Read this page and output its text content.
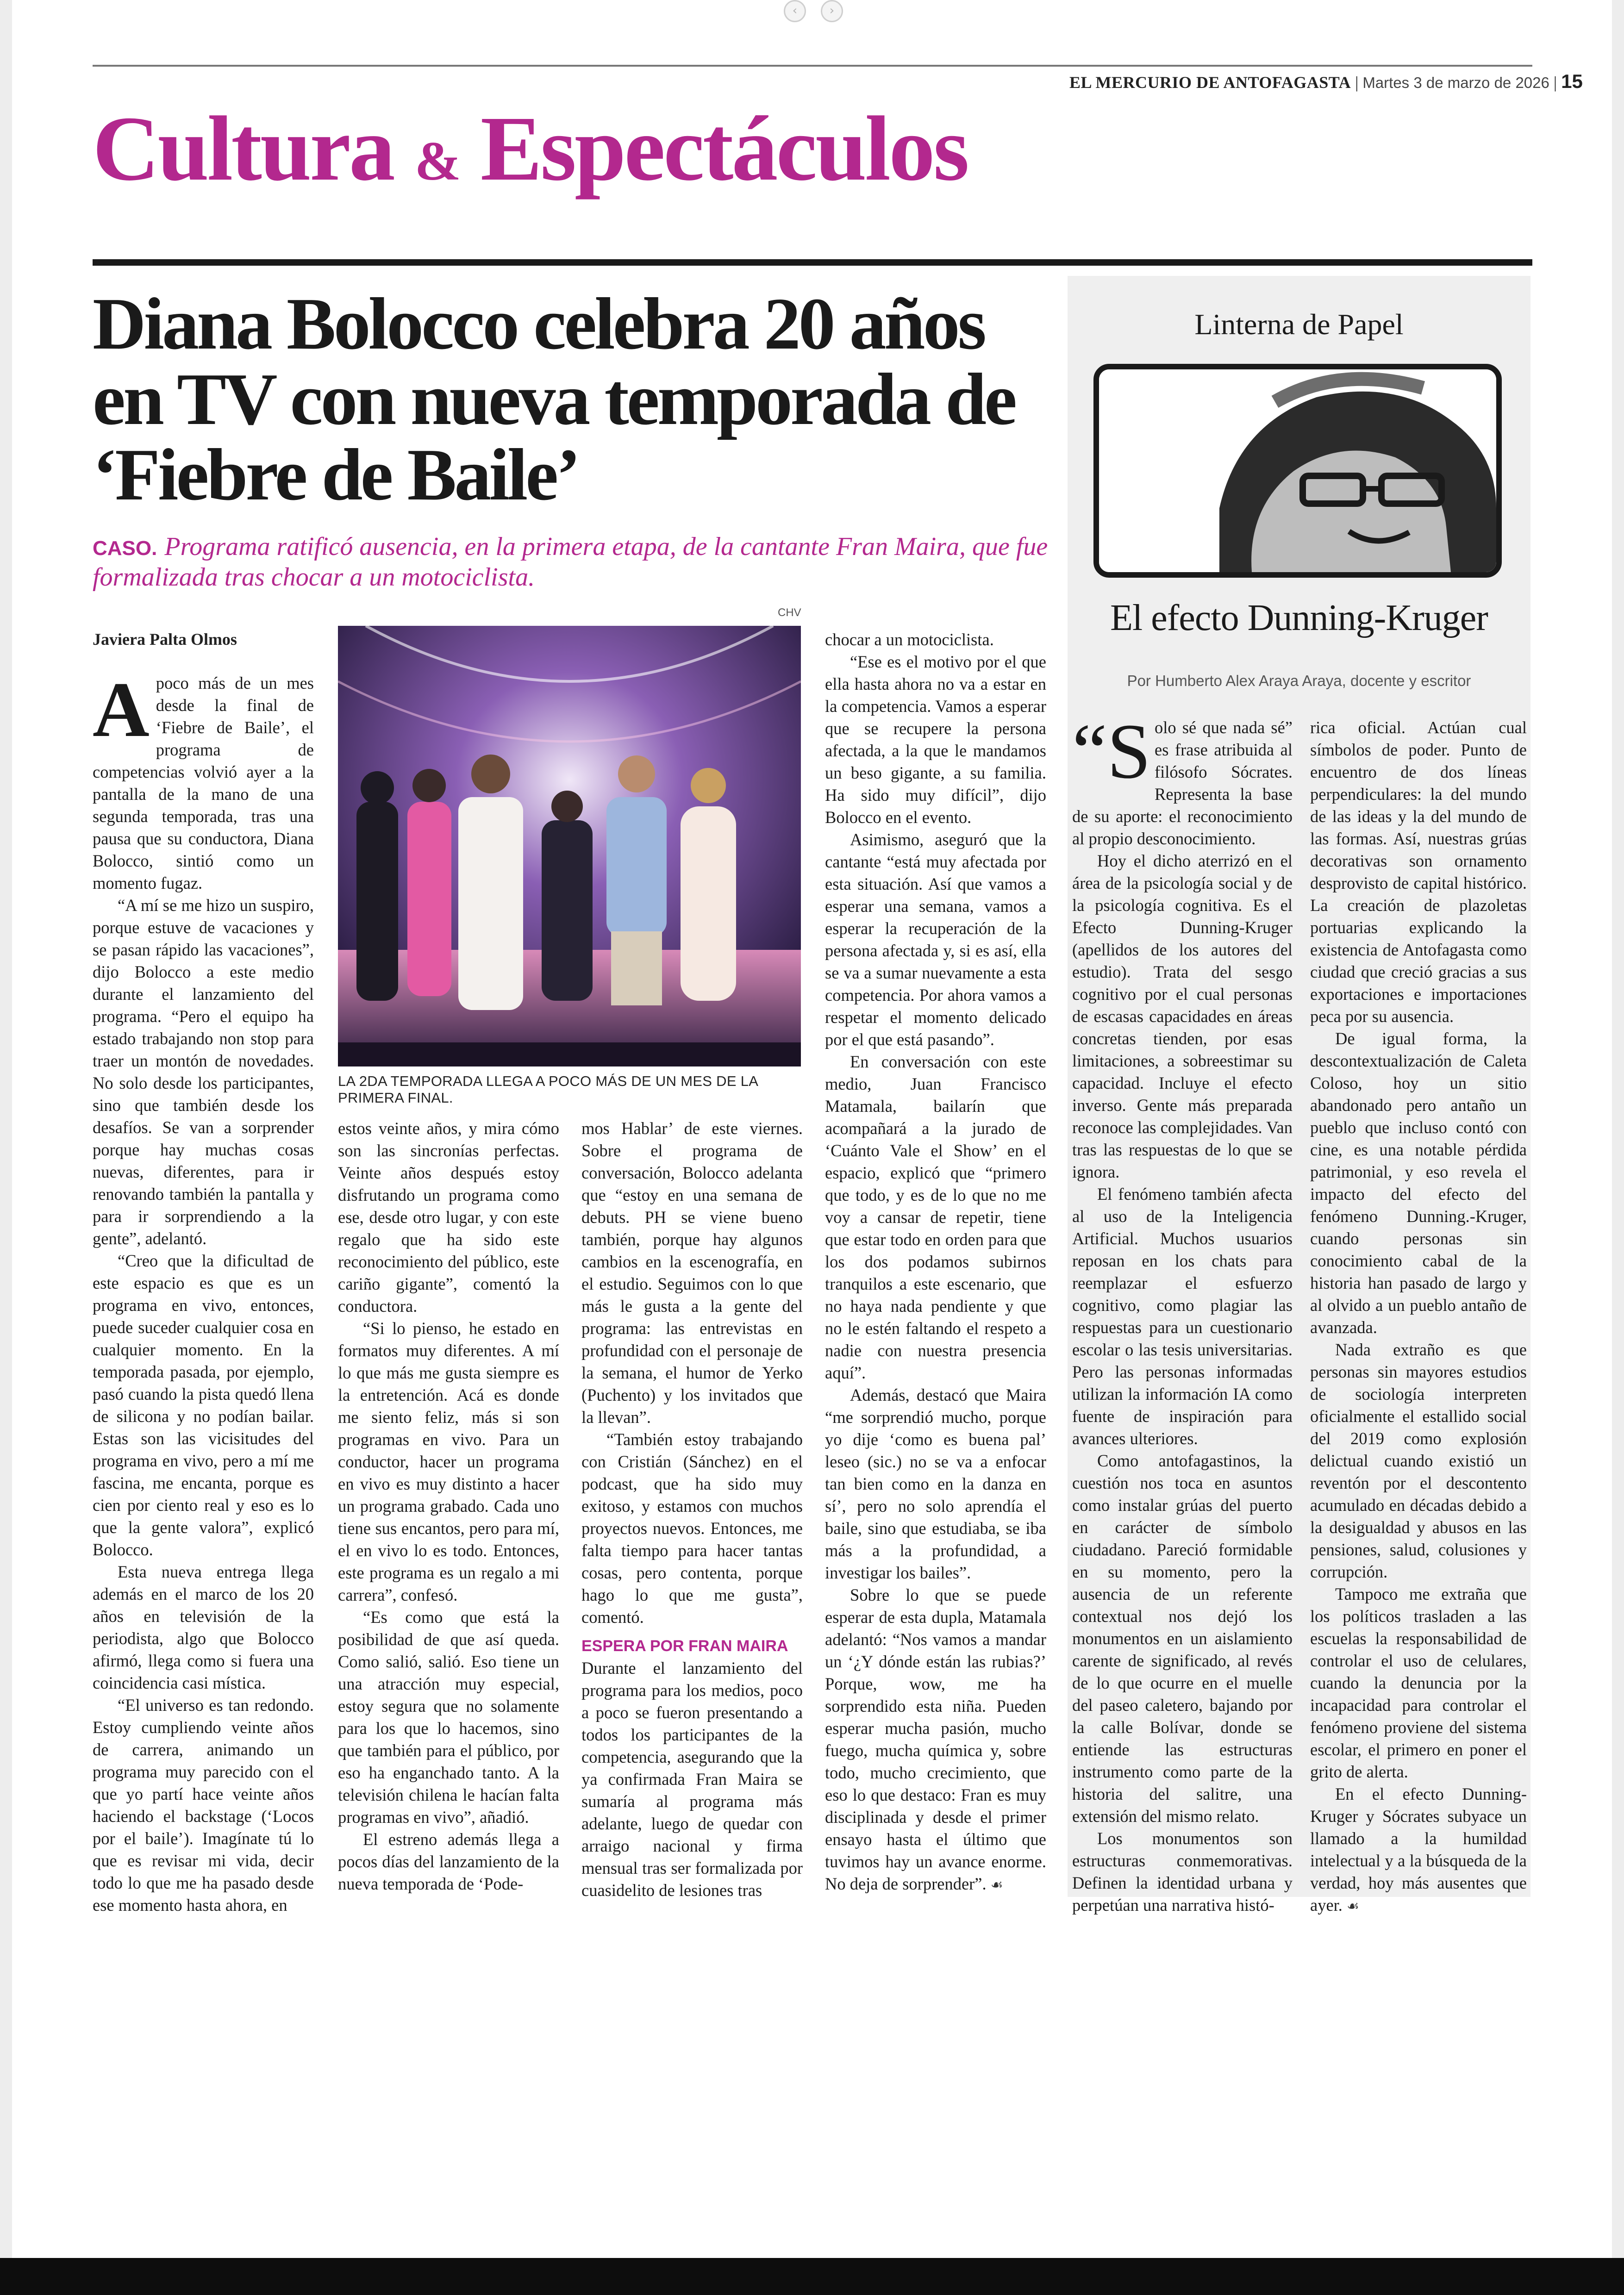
‹	›
EL MERCURIO DE ANTOFAGASTA | Martes 3 de marzo de 2026 | 15
Cultura & Espectáculos
Diana Bolocco celebra 20 años en TV con nueva temporada de ‘Fiebre de Baile’
CASO. Programa ratificó ausencia, en la primera etapa, de la cantante Fran Maira, que fue formalizada tras chocar a un motociclista.
Javiera Palta Olmos
CHV
LA 2DA TEMPORADA LLEGA A POCO MÁS DE UN MES DE LA PRIMERA FINAL.

Apoco más de un mes desde la final de ‘Fiebre de Baile’, el programa de competencias volvió ayer a la pantalla de la mano de una segunda temporada, tras una pausa que su conductora, Diana Bolocco, sintió como un momento fugaz.

“A mí se me hizo un suspiro, porque estuve de vacaciones y se pasan rápido las vacaciones”, dijo Bolocco a este medio durante el lanzamiento del programa. “Pero el equipo ha estado trabajando non stop para traer un montón de novedades. No solo desde los participantes, sino que también desde los desafíos. Se van a sorprender porque hay muchas cosas nuevas, diferentes, para ir renovando también la pantalla y para ir sorprendiendo a la gente”, adelantó.

“Creo que la dificultad de este espacio es que es un programa en vivo, entonces, puede suceder cualquier cosa en cualquier momento. En la temporada pasada, por ejemplo, pasó cuando la pista quedó llena de silicona y no podían bailar. Estas son las vicisitudes del programa en vivo, pero a mí me fascina, me encanta, porque es cien por ciento real y eso es lo que la gente valora”, explicó Bolocco.

Esta nueva entrega llega además en el marco de los 20 años en televisión de la periodista, algo que Bolocco afirmó, llega como si fuera una coincidencia casi mística.

“El universo es tan redondo. Estoy cumpliendo veinte años de carrera, animando un programa muy parecido con el que yo partí hace veinte años haciendo el backstage (‘Locos por el baile’). Imagínate tú lo que es revisar mi vida, decir todo lo que me ha pasado desde ese momento hasta ahora, en

estos veinte años, y mira cómo son las sincronías perfectas. Veinte años después estoy disfrutando un programa como ese, desde otro lugar, y con este regalo que ha sido este reconocimiento del público, este cariño gigante”, comentó la conductora.

“Si lo pienso, he estado en formatos muy diferentes. A mí lo que más me gusta siempre es la entretención. Acá es donde me siento feliz, más si son programas en vivo. Para un conductor, hacer un programa en vivo es muy distinto a hacer un programa grabado. Cada uno tiene sus encantos, pero para mí, el en vivo lo es todo. Entonces, este programa es un regalo a mi carrera”, confesó.

“Es como que está la posibilidad de que así queda. Como salió, salió. Eso tiene un una atracción muy especial, estoy segura que no solamente para los que lo hacemos, sino que también para el público, por eso ha enganchado tanto. A la televisión chilena le hacían falta programas en vivo”, añadió.

El estreno además llega a pocos días del lanzamiento de la nueva temporada de ‘Pode-

mos Hablar’ de este viernes. Sobre el programa de conversación, Bolocco adelanta que “estoy en una semana de debuts. PH se viene bueno también, porque hay algunos cambios en la escenografía, en el estudio. Seguimos con lo que más le gusta a la gente del programa: las entrevistas en profundidad con el personaje de la semana, el humor de Yerko (Puchento) y los invitados que la llevan”.

“También estoy trabajando con Cristián (Sánchez) en el podcast, que ha sido muy exitoso, y estamos con muchos proyectos nuevos. Entonces, me falta tiempo para hacer tantas cosas, pero contenta, porque hago lo que me gusta”, comentó.

ESPERA POR FRAN MAIRA

Durante el lanzamiento del programa para los medios, poco a poco se fueron presentando a todos los participantes de la competencia, asegurando que la ya confirmada Fran Maira se sumaría al programa más adelante, luego de quedar con arraigo nacional y firma mensual tras ser formalizada por cuasidelito de lesiones tras

chocar a un motociclista.

“Ese es el motivo por el que ella hasta ahora no va a estar en la competencia. Vamos a esperar que se recupere la persona afectada, a la que le mandamos un beso gigante, a su familia. Ha sido muy difícil”, dijo Bolocco en el evento.

Asimismo, aseguró que la cantante “está muy afectada por esta situación. Así que vamos a esperar una semana, vamos a esperar la recuperación de la persona afectada y, si es así, ella se va a sumar nuevamente a esta competencia. Por ahora vamos a respetar el momento delicado por el que está pasando”.

En conversación con este medio, Juan Francisco Matamala, bailarín que acompañará a la jurado de ‘Cuánto Vale el Show’ en el espacio, explicó que “primero que todo, y es de lo que no me voy a cansar de repetir, tiene que estar todo en orden para que los dos podamos subirnos tranquilos a este escenario, que no haya nada pendiente y que no le estén faltando el respeto a nadie con nuestra presencia aquí”.

Además, destacó que Maira “me sorprendió mucho, porque yo dije ‘como es buena pal’ leseo (sic.) no se va a enfocar tan bien como en la danza en sí’, pero no solo aprendía el baile, sino que estudiaba, se iba más a la profundidad, a investigar los bailes”.

Sobre lo que se puede esperar de esta dupla, Matamala adelantó: “Nos vamos a mandar un ‘¿Y dónde están las rubias?’ Porque, wow, me ha sorprendido esta niña. Pueden esperar mucha pasión, mucho fuego, mucha química y, sobre todo, mucho crecimiento, que eso lo que destaco: Fran es muy disciplinada y desde el primer ensayo hasta el último que tuvimos hay un avance enorme. No deja de sorprender”. ☙

Linterna de Papel
El efecto Dunning-Kruger
Por Humberto Alex Araya Araya, docente y escritor

“Solo sé que nada sé” es frase atribuida al filósofo Sócrates. Representa la base de su aporte: el reconocimiento al propio desconocimiento.

Hoy el dicho aterrizó en el área de la psicología social y de la psicología cognitiva. Es el Efecto Dunning-Kruger (apellidos de los autores del estudio). Trata del sesgo cognitivo por el cual personas de escasas capacidades en áreas concretas tienden, por esas limitaciones, a sobreestimar su capacidad. Incluye el efecto inverso. Gente más preparada reconoce las complejidades. Van tras las respuestas de lo que se ignora.

El fenómeno también afecta al uso de la Inteligencia Artificial. Muchos usuarios reposan en los chats para reemplazar el esfuerzo cognitivo, como plagiar las respuestas para un cuestionario escolar o las tesis universitarias. Pero las personas informadas utilizan la información IA como fuente de inspiración para avances ulteriores.

Como antofagastinos, la cuestión nos toca en asuntos como instalar grúas del puerto en carácter de símbolo ciudadano. Pareció formidable en su momento, pero la ausencia de un referente contextual nos dejó los monumentos en un aislamiento carente de significado, al revés de lo que ocurre en el muelle del paseo caletero, bajando por la calle Bolívar, donde se entiende las estructuras instrumento como parte de la historia del salitre, una extensión del mismo relato.

Los monumentos son estructuras conmemorativas. Definen la identidad urbana y perpetúan una narrativa histó-

rica oficial. Actúan cual símbolos de poder. Punto de encuentro de dos líneas perpendiculares: la del mundo de las ideas y la del mundo de las formas. Así, nuestras grúas decorativas son ornamento desprovisto de capital histórico. La creación de plazoletas portuarias explicando la existencia de Antofagasta como ciudad que creció gracias a sus exportaciones e importaciones peca por su ausencia.

De igual forma, la descontextualización de Caleta Coloso, hoy un sitio abandonado pero antaño un pueblo que incluso contó con cine, es una notable pérdida patrimonial, y eso revela el impacto del efecto del fenómeno Dunning.-Kruger, cuando personas sin conocimiento cabal de la historia han pasado de largo y al olvido a un pueblo antaño de avanzada.

Nada extraño es que personas sin mayores estudios de sociología interpreten oficialmente el estallido social del 2019 como explosión delictual cuando existió un reventón por el descontento acumulado en décadas debido a la desigualdad y abusos en las pensiones, salud, colusiones y corrupción.

Tampoco me extraña que los políticos trasladen a las escuelas la responsabilidad de controlar el uso de celulares, cuando la denuncia por la incapacidad para controlar el fenómeno proviene del sistema escolar, el primero en poner el grito de alerta.

En el efecto Dunning-Kruger y Sócrates subyace un llamado a la humildad intelectual y a la búsqueda de la verdad, hoy más ausentes que ayer. ☙
